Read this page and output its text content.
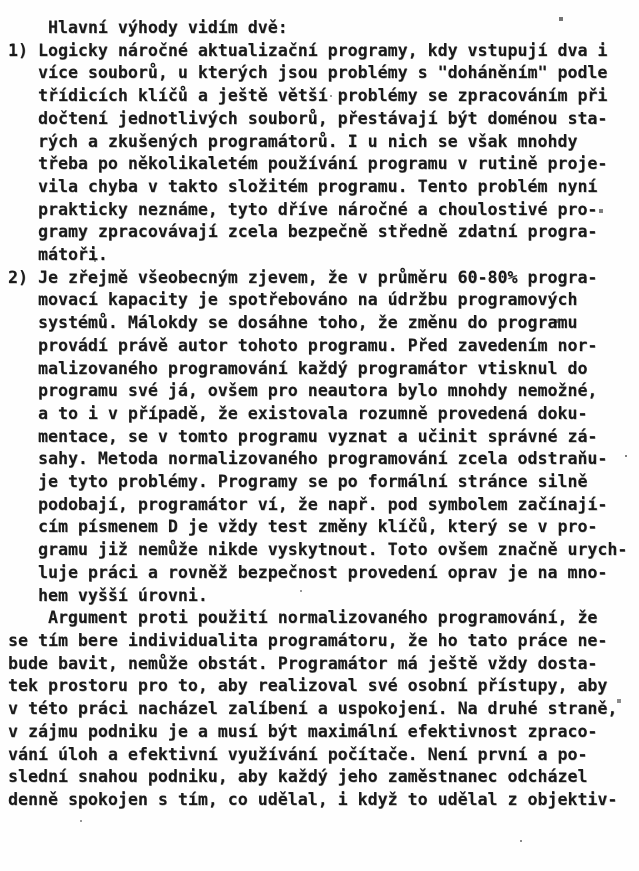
Hlavní výhody vidím dvě:
1) Logicky náročné aktualizační programy, kdy vstupují dva i
více souborů, u kterých jsou problémy s "doháněním" podle
třídicích klíčů a ještě větší problémy se zpracováním při
dočtení jednotlivých souborů, přestávají být doménou sta-
rých a zkušených programátorů. I u nich se však mnohdy
třeba po několikaletém používání programu v rutině proje-
vila chyba v takto složitém programu. Tento problém nyní
prakticky neznáme, tyto dříve náročné a choulostivé pro-
gramy zpracovávají zcela bezpečně středně zdatní progra-
mátoři.
2) Je zřejmě všeobecným zjevem, že v průměru 60-80% progra-
movací kapacity je spotřebováno na údržbu programových
systémů. Málokdy se dosáhne toho, že změnu do programu
provádí právě autor tohoto programu. Před zavedením nor-
malizovaného programování každý programátor vtisknul do
programu své já, ovšem pro neautora bylo mnohdy nemožné,
a to i v případě, že existovala rozumně provedená doku-
mentace, se v tomto programu vyznat a učinit správné zá-
sahy. Metoda normalizovaného programování zcela odstraňu-
je tyto problémy. Programy se po formální stránce silně
podobají, programátor ví, že např. pod symbolem začínají-
cím písmenem D je vždy test změny klíčů, který se v pro-
gramu již nemůže nikde vyskytnout. Toto ovšem značně urych-
luje práci a rovněž bezpečnost provedení oprav je na mno-
hem vyšší úrovni.
Argument proti použití normalizovaného programování, že
se tím bere individualita programátoru, že ho tato práce ne-
bude bavit, nemůže obstát. Programátor má ještě vždy dosta-
tek prostoru pro to, aby realizoval své osobní přístupy, aby
v této práci nacházel zalíbení a uspokojení. Na druhé straně,
v zájmu podniku je a musí být maximální efektivnost zpraco-
vání úloh a efektivní využívání počítače. Není první a po-
slední snahou podniku, aby každý jeho zaměstnanec odcházel
denně spokojen s tím, co udělal, i když to udělal z objektiv-
